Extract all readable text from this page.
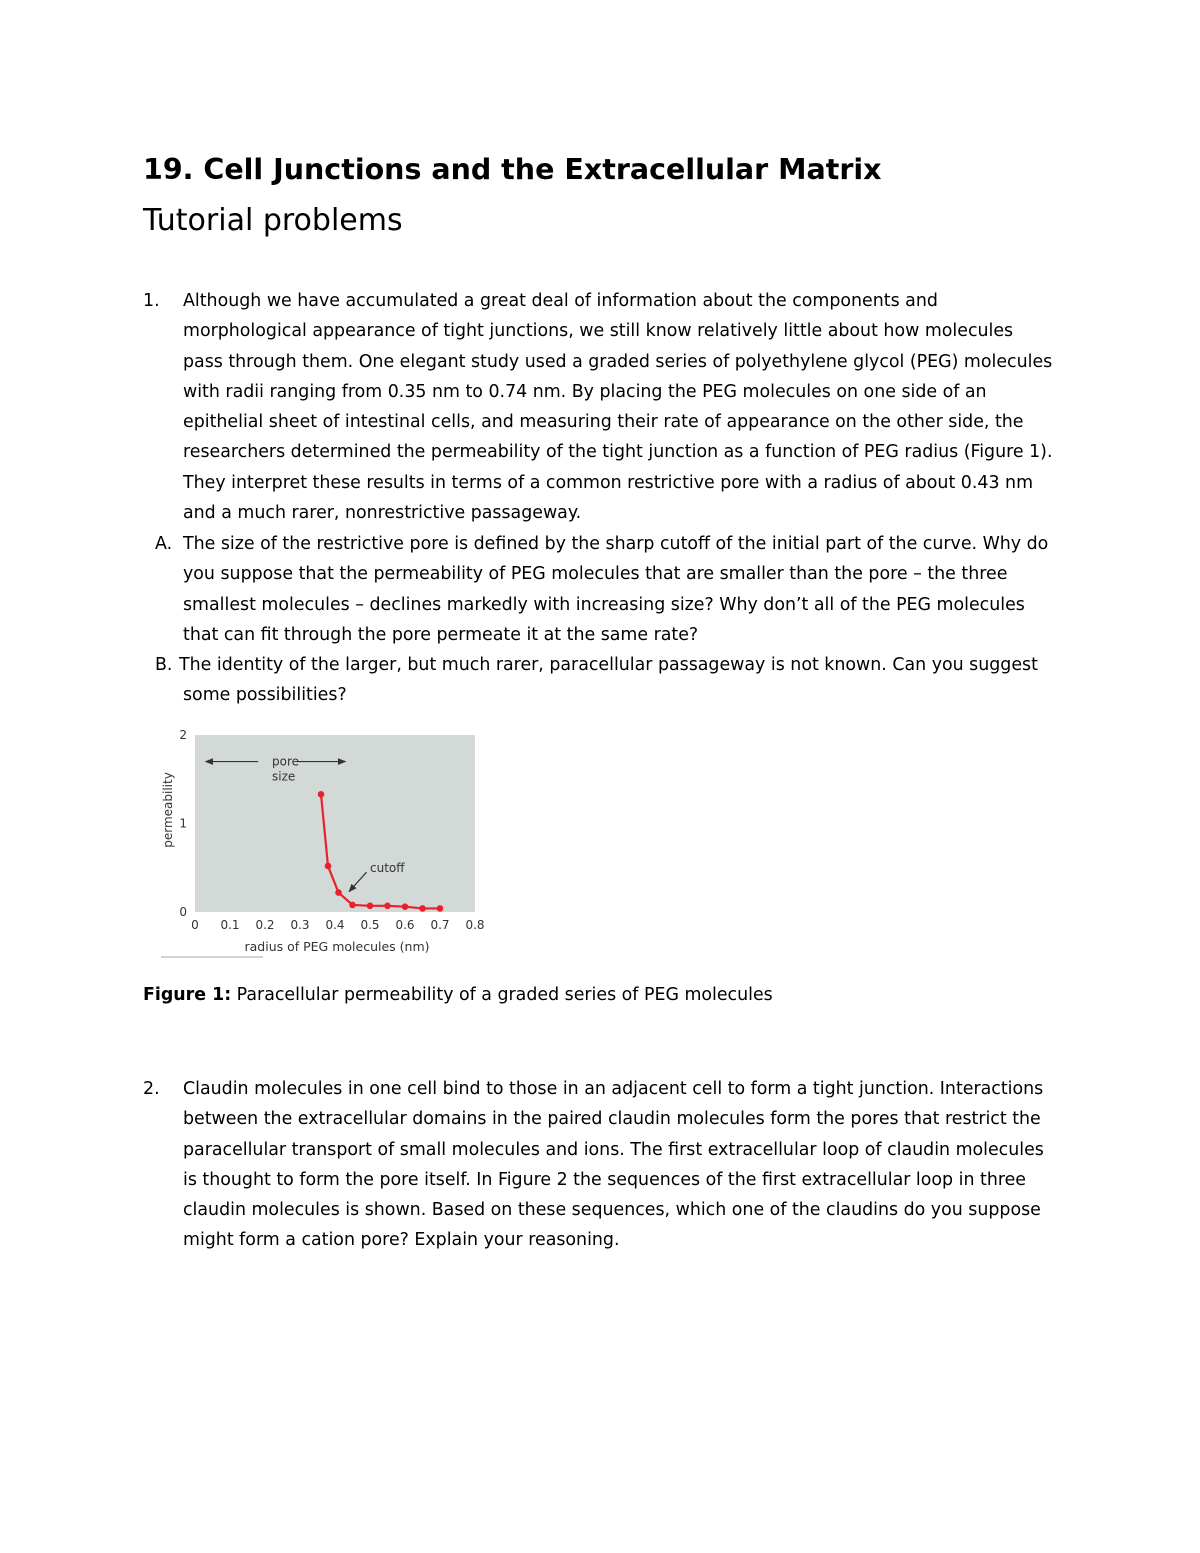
19. Cell Junctions and the Extracellular Matrix
Tutorial problems
1. Although we have accumulated a great deal of information about the components and
morphological appearance of tight junctions, we still know relatively little about how molecules
pass through them. One elegant study used a graded series of polyethylene glycol (PEG) molecules
with radii ranging from 0.35 nm to 0.74 nm. By placing the PEG molecules on one side of an
epithelial sheet of intestinal cells, and measuring their rate of appearance on the other side, the
researchers determined the permeability of the tight junction as a function of PEG radius (Figure 1).
They interpret these results in terms of a common restrictive pore with a radius of about 0.43 nm
and a much rarer, nonrestrictive passageway.
A. The size of the restrictive pore is defined by the sharp cutoff of the initial part of the curve. Why do
you suppose that the permeability of PEG molecules that are smaller than the pore – the three
smallest molecules – declines markedly with increasing size? Why don’t all of the PEG molecules
that can fit through the pore permeate it at the same rate?
B. The identity of the larger, but much rarer, paracellular passageway is not known. Can you suggest
some possibilities?
0 0.1 0.2 0.3 0.4 0.5 0.6 0.7 0.8
0
1
2
pore
size
cutoff
permeability
radius of PEG molecules (nm)
Figure 1: Paracellular permeability of a graded series of PEG molecules
2. Claudin molecules in one cell bind to those in an adjacent cell to form a tight junction. Interactions
between the extracellular domains in the paired claudin molecules form the pores that restrict the
paracellular transport of small molecules and ions. The first extracellular loop of claudin molecules
is thought to form the pore itself. In Figure 2 the sequences of the first extracellular loop in three
claudin molecules is shown. Based on these sequences, which one of the claudins do you suppose
might form a cation pore? Explain your reasoning.
